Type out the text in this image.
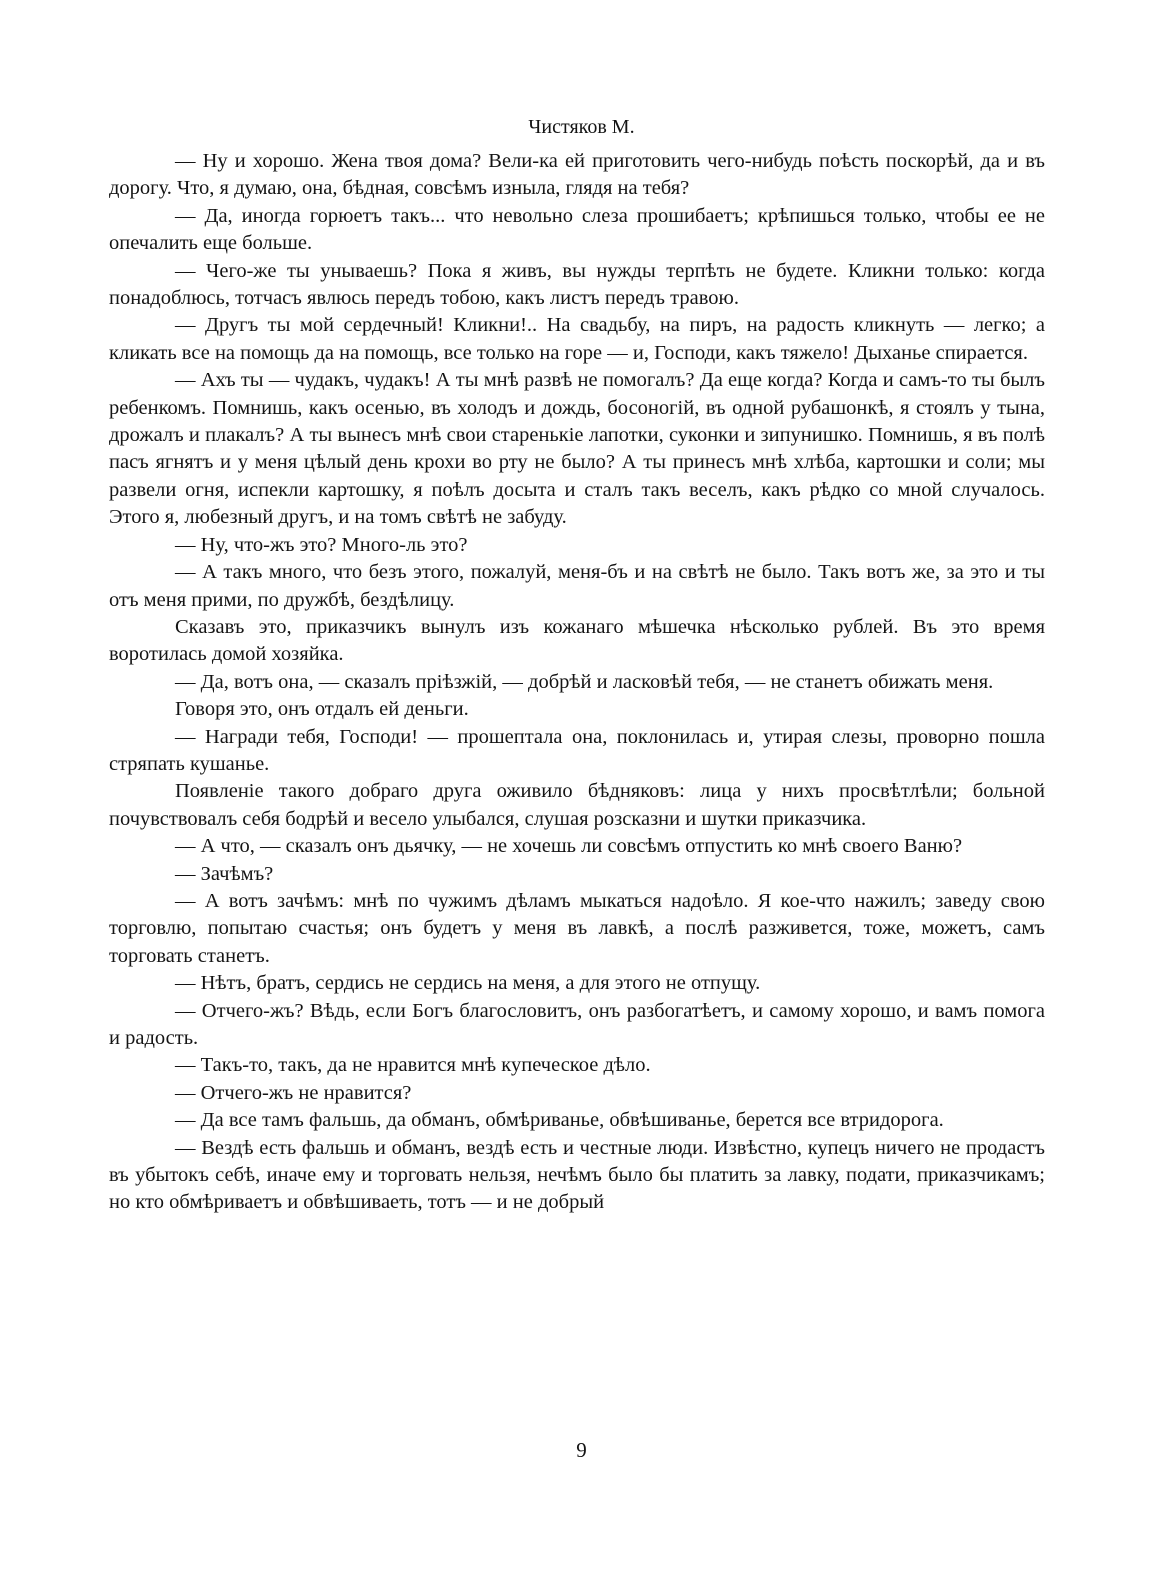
Чистяков М.

— Ну и хорошо. Жена твоя дома? Вели-ка ей приготовить чего-нибудь поѣсть поскорѣй, да и въ дорогу. Что, я думаю, она, бѣдная, совсѣмъ изныла, глядя на тебя?

— Да, иногда горюетъ такъ... что невольно слеза прошибаетъ; крѣпишься только, чтобы ее не опечалить еще больше.

— Чего-же ты унываешь? Пока я живъ, вы нужды терпѣть не будете. Кликни только: когда понадоблюсь, тотчасъ явлюсь передъ тобою, какъ листъ передъ травою.

— Другъ ты мой сердечный! Кликни!.. На свадьбу, на пиръ, на радость кликнуть — легко; а кликать все на помощь да на помощь, все только на горе — и, Господи, какъ тяжело! Дыханье спирается.

— Ахъ ты — чудакъ, чудакъ! А ты мнѣ развѣ не помогалъ? Да еще когда? Когда и самъ-то ты былъ ребенкомъ. Помнишь, какъ осенью, въ холодъ и дождь, босоногій, въ одной рубашонкѣ, я стоялъ у тына, дрожалъ и плакалъ? А ты вынесъ мнѣ свои старенькіе лапотки, суконки и зипунишко. Помнишь, я въ полѣ пасъ ягнятъ и у меня цѣлый день крохи во рту не было? А ты принесъ мнѣ хлѣба, картошки и соли; мы развели огня, испекли картошку, я поѣлъ досыта и сталъ такъ веселъ, какъ рѣдко со мной случалось. Этого я, любезный другъ, и на томъ свѣтѣ не забуду.

— Ну, что-жъ это? Много-ль это?

— А такъ много, что безъ этого, пожалуй, меня-бъ и на свѣтѣ не было. Такъ вотъ же, за это и ты отъ меня прими, по дружбѣ, бездѣлицу.

Сказавъ это, приказчикъ вынулъ изъ кожанаго мѣшечка нѣсколько рублей. Въ это время воротилась домой хозяйка.

— Да, вотъ она, — сказалъ пріѣзжій, — добрѣй и ласковѣй тебя, — не станетъ обижать меня.

Говоря это, онъ отдалъ ей деньги.

— Награди тебя, Господи! — прошептала она, поклонилась и, утирая слезы, проворно пошла стряпать кушанье.

Появленіе такого добраго друга оживило бѣдняковъ: лица у нихъ просвѣтлѣли; больной почувствовалъ себя бодрѣй и весело улыбался, слушая розсказни и шутки приказчика.

— А что, — сказалъ онъ дьячку, — не хочешь ли совсѣмъ отпустить ко мнѣ своего Ваню?

— Зачѣмъ?

— А вотъ зачѣмъ: мнѣ по чужимъ дѣламъ мыкаться надоѣло. Я кое-что нажилъ; заведу свою торговлю, попытаю счастья; онъ будетъ у меня въ лавкѣ, а послѣ разживется, тоже, можетъ, самъ торговать станетъ.

— Нѣтъ, братъ, сердись не сердись на меня, а для этого не отпущу.

— Отчего-жъ? Вѣдь, если Богъ благословитъ, онъ разбогатѣетъ, и самому хорошо, и вамъ помога и радость.

— Такъ-то, такъ, да не нравится мнѣ купеческое дѣло.

— Отчего-жъ не нравится?

— Да все тамъ фальшь, да обманъ, обмѣриванье, обвѣшиванье, берется все втридорога.

— Вездѣ есть фальшь и обманъ, вездѣ есть и честные люди. Извѣстно, купецъ ничего не продастъ въ убытокъ себѣ, иначе ему и торговать нельзя, нечѣмъ было бы платить за лавку, подати, приказчикамъ; но кто обмѣриваетъ и обвѣшиваеть, тотъ — и не добрый

9
